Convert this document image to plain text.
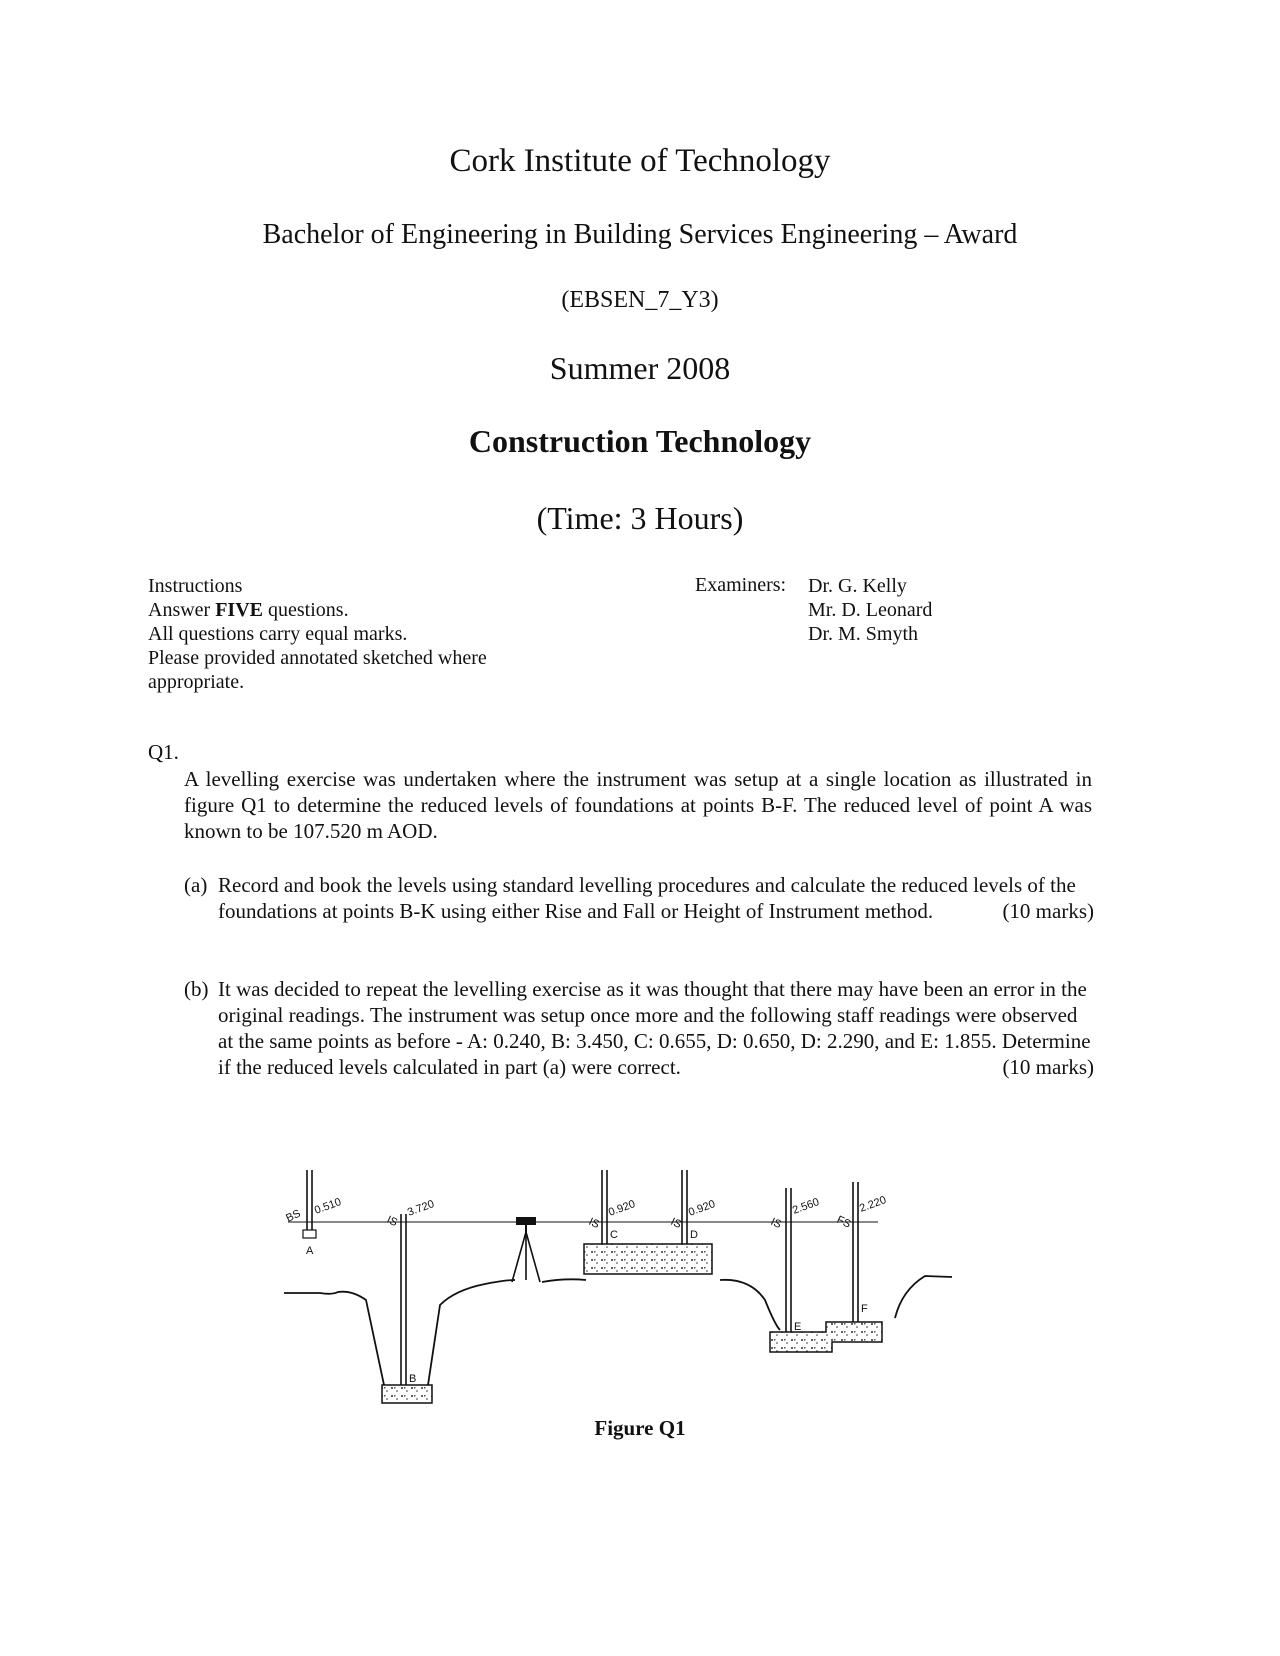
Cork Institute of Technology
Bachelor of Engineering in Building Services Engineering – Award
(EBSEN_7_Y3)
Summer 2008
Construction Technology
(Time: 3 Hours)
Instructions
Answer FIVE questions.
All questions carry equal marks.
Please provided annotated sketched where
appropriate.
Examiners: Dr. G. Kelly
Mr. D. Leonard
Dr. M. Smyth
Q1.
A levelling exercise was undertaken where the instrument was setup at a single location as illustrated in figure Q1 to determine the reduced levels of foundations at points B-F. The reduced level of point A was known to be 107.520 m AOD.
(a) Record and book the levels using standard levelling procedures and calculate the reduced levels of the foundations at points B-K using either Rise and Fall or Height of Instrument method.	(10 marks)
(b) It was decided to repeat the levelling exercise as it was thought that there may have been an error in the original readings. The instrument was setup once more and the following staff readings were observed at the same points as before - A: 0.240, B: 3.450, C: 0.655, D: 0.650, D: 2.290, and E: 1.855. Determine if the reduced levels calculated in part (a) were correct.	(10 marks)
BS	IS	IS	IS	IS	FS
0.510	3.720	0.920	0.920	2.560	2.220
A
B
C	D
E
F
Figure Q1
